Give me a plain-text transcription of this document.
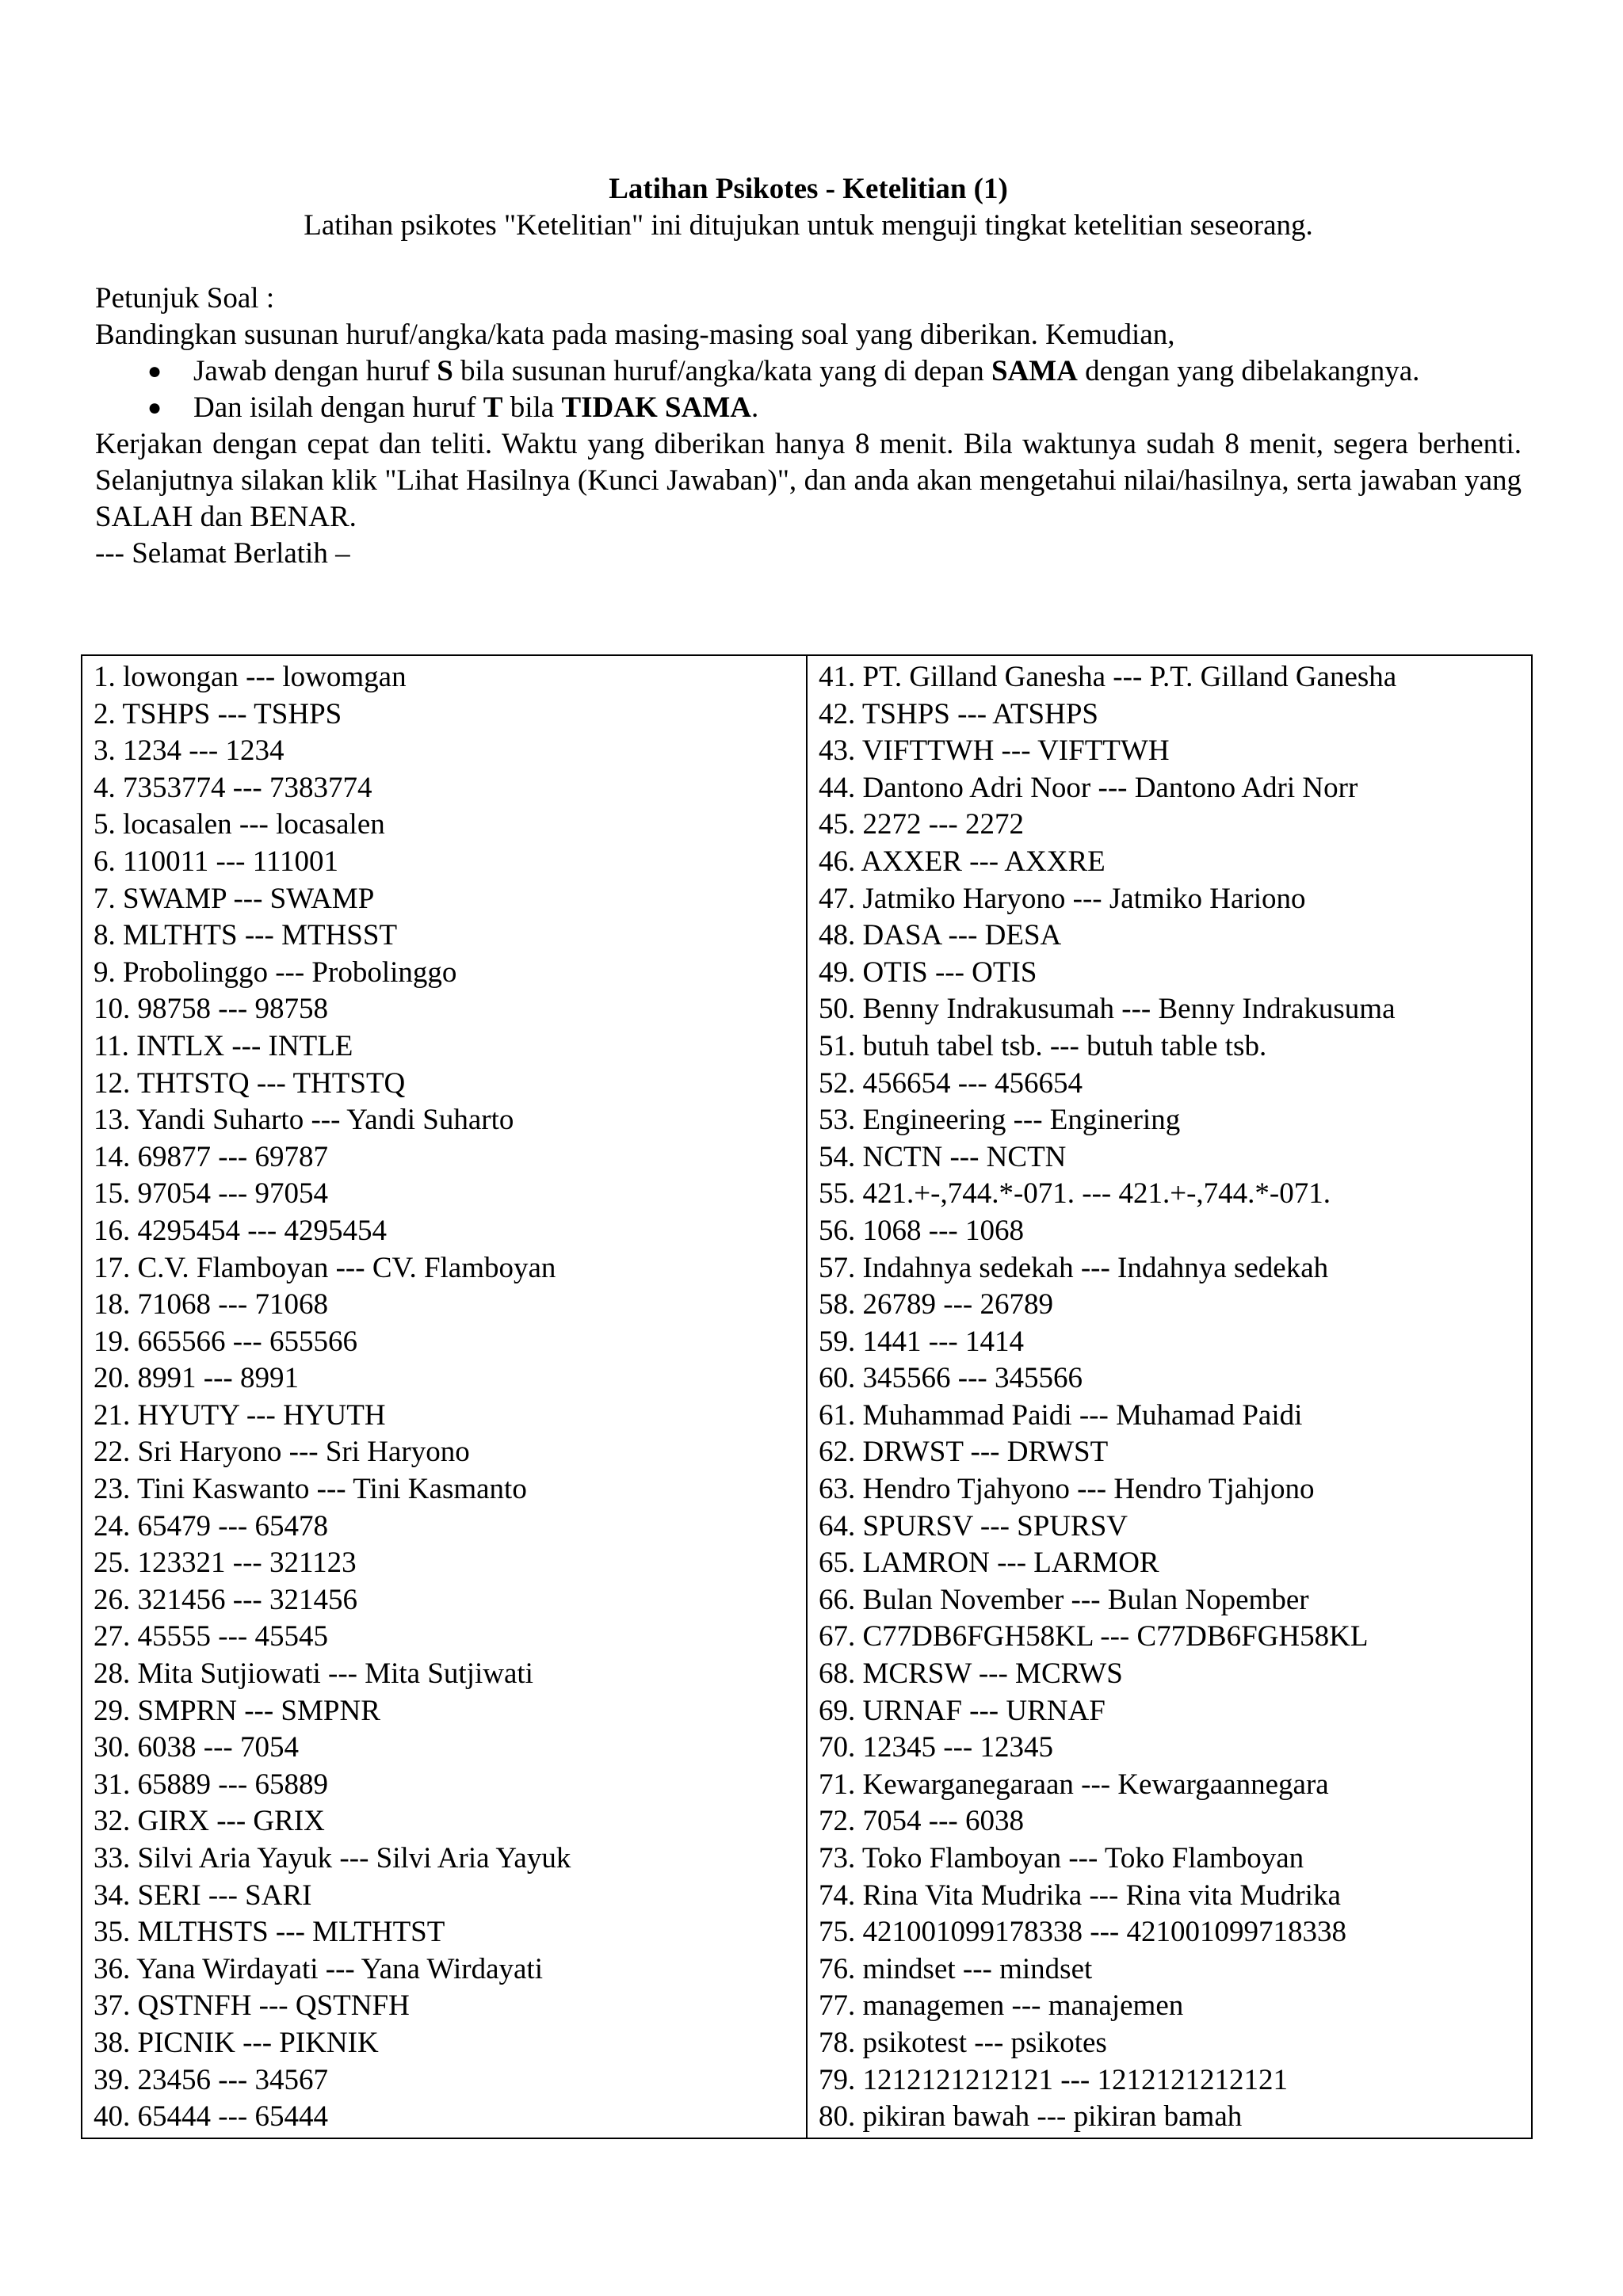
Latihan Psikotes - Ketelitian (1)

Latihan psikotes "Ketelitian" ini ditujukan untuk menguji tingkat ketelitian seseorang.

Petunjuk Soal :

Bandingkan susunan huruf/angka/kata pada masing-masing soal yang diberikan. Kemudian,

● Jawab dengan huruf S bila susunan huruf/angka/kata yang di depan SAMA dengan yang dibelakangnya.
● Dan isilah dengan huruf T bila TIDAK SAMA.

Kerjakan dengan cepat dan teliti. Waktu yang diberikan hanya 8 menit. Bila waktunya sudah 8 menit, segera berhenti. Selanjutnya silakan klik "Lihat Hasilnya (Kunci Jawaban)", dan anda akan mengetahui nilai/hasilnya, serta jawaban yang SALAH dan BENAR.

--- Selamat Berlatih –

1. lowongan --- lowomgan
2. TSHPS --- TSHPS
3. 1234 --- 1234
4. 7353774 --- 7383774
5. locasalen --- locasalen
6. 110011 --- 111001
7. SWAMP --- SWAMP
8. MLTHTS --- MTHSST
9. Probolinggo --- Probolinggo
10. 98758 --- 98758
11. INTLX --- INTLE
12. THTSTQ --- THTSTQ
13. Yandi Suharto --- Yandi Suharto
14. 69877 --- 69787
15. 97054 --- 97054
16. 4295454 --- 4295454
17. C.V. Flamboyan --- CV. Flamboyan
18. 71068 --- 71068
19. 665566 --- 655566
20. 8991 --- 8991
21. HYUTY --- HYUTH
22. Sri Haryono --- Sri Haryono
23. Tini Kaswanto --- Tini Kasmanto
24. 65479 --- 65478
25. 123321 --- 321123
26. 321456 --- 321456
27. 45555 --- 45545
28. Mita Sutjiowati --- Mita Sutjiwati
29. SMPRN --- SMPNR
30. 6038 --- 7054
31. 65889 --- 65889
32. GIRX --- GRIX
33. Silvi Aria Yayuk --- Silvi Aria Yayuk
34. SERI --- SARI
35. MLTHSTS --- MLTHTST
36. Yana Wirdayati --- Yana Wirdayati
37. QSTNFH --- QSTNFH
38. PICNIK --- PIKNIK
39. 23456 --- 34567
40. 65444 --- 65444

41. PT. Gilland Ganesha --- P.T. Gilland Ganesha
42. TSHPS --- ATSHPS
43. VIFTTWH --- VIFTTWH
44. Dantono Adri Noor --- Dantono Adri Norr
45. 2272 --- 2272
46. AXXER --- AXXRE
47. Jatmiko Haryono --- Jatmiko Hariono
48. DASA --- DESA
49. OTIS --- OTIS
50. Benny Indrakusumah --- Benny Indrakusuma
51. butuh tabel tsb. --- butuh table tsb.
52. 456654 --- 456654
53. Engineering --- Enginering
54. NCTN --- NCTN
55. 421.+-,744.*-071. --- 421.+-,744.*-071.
56. 1068 --- 1068
57. Indahnya sedekah --- Indahnya sedekah
58. 26789 --- 26789
59. 1441 --- 1414
60. 345566 --- 345566
61. Muhammad Paidi --- Muhamad Paidi
62. DRWST --- DRWST
63. Hendro Tjahyono --- Hendro Tjahjono
64. SPURSV --- SPURSV
65. LAMRON --- LARMOR
66. Bulan November --- Bulan Nopember
67. C77DB6FGH58KL --- C77DB6FGH58KL
68. MCRSW --- MCRWS
69. URNAF --- URNAF
70. 12345 --- 12345
71. Kewarganegaraan --- Kewargaannegara
72. 7054 --- 6038
73. Toko Flamboyan --- Toko Flamboyan
74. Rina Vita Mudrika --- Rina vita Mudrika
75. 421001099178338 --- 421001099718338
76. mindset --- mindset
77. managemen --- manajemen
78. psikotest --- psikotes
79. 1212121212121 --- 1212121212121
80. pikiran bawah --- pikiran bamah
